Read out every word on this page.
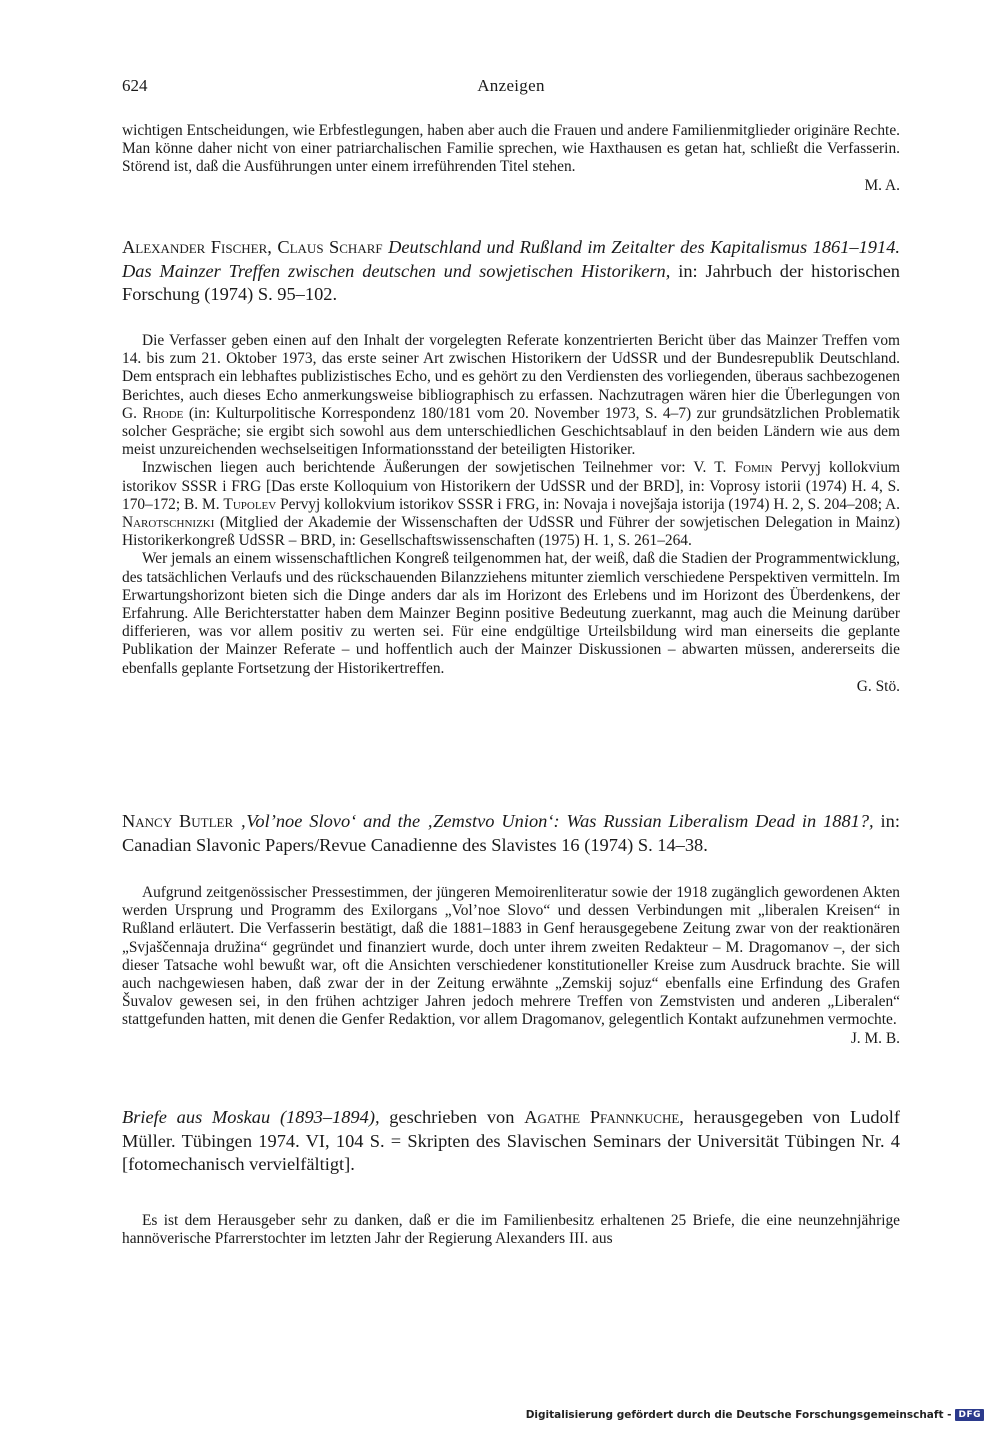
Anzeigen
624

wichtigen Entscheidungen, wie Erbfestlegungen, haben aber auch die Frauen und andere Familienmitglieder originäre Rechte. Man könne daher nicht von einer patriarchalischen Familie sprechen, wie Haxthausen es getan hat, schließt die Verfasserin. Störend ist, daß die Ausführungen unter einem irreführenden Titel stehen.

M. A.

Alexander Fischer, Claus Scharf Deutschland und Rußland im Zeitalter des Kapitalismus 1861–1914. Das Mainzer Treffen zwischen deutschen und sowjetischen Historikern, in: Jahrbuch der historischen Forschung (1974) S. 95–102.

Die Verfasser geben einen auf den Inhalt der vorgelegten Referate konzentrierten Bericht über das Mainzer Treffen vom 14. bis zum 21. Oktober 1973, das erste seiner Art zwischen Historikern der UdSSR und der Bundesrepublik Deutschland. Dem entsprach ein lebhaftes publizistisches Echo, und es gehört zu den Verdiensten des vorliegenden, überaus sachbezogenen Berichtes, auch dieses Echo anmerkungsweise bibliographisch zu erfassen. Nachzutragen wären hier die Überlegungen von G. Rhode (in: Kulturpolitische Korrespondenz 180/181 vom 20. November 1973, S. 4–7) zur grundsätzlichen Problematik solcher Gespräche; sie ergibt sich sowohl aus dem unterschiedlichen Geschichtsablauf in den beiden Ländern wie aus dem meist unzureichenden wechselseitigen Informationsstand der beteiligten Historiker.

Inzwischen liegen auch berichtende Äußerungen der sowjetischen Teilnehmer vor: V. T. Fomin Pervyj kollokvium istorikov SSSR i FRG [Das erste Kolloquium von Historikern der UdSSR und der BRD], in: Voprosy istorii (1974) H. 4, S. 170–172; B. M. Tupolev Pervyj kollokvium istorikov SSSR i FRG, in: Novaja i novejšaja istorija (1974) H. 2, S. 204–208; A. Narotschnizki (Mitglied der Akademie der Wissenschaften der UdSSR und Führer der sowjetischen Delegation in Mainz) Historikerkongreß UdSSR – BRD, in: Gesellschaftswissenschaften (1975) H. 1, S. 261–264.

Wer jemals an einem wissenschaftlichen Kongreß teilgenommen hat, der weiß, daß die Stadien der Programmentwicklung, des tatsächlichen Verlaufs und des rückschauenden Bilanzziehens mitunter ziemlich verschiedene Perspektiven vermitteln. Im Erwartungshorizont bieten sich die Dinge anders dar als im Horizont des Erlebens und im Horizont des Überdenkens, der Erfahrung. Alle Berichterstatter haben dem Mainzer Beginn positive Bedeutung zuerkannt, mag auch die Meinung darüber differieren, was vor allem positiv zu werten sei. Für eine endgültige Urteilsbildung wird man einerseits die geplante Publikation der Mainzer Referate – und hoffentlich auch der Mainzer Diskussionen – abwarten müssen, andererseits die ebenfalls geplante Fortsetzung der Historikertreffen.

G. Stö.

Nancy Butler ‚Vol’noe Slovo‘ and the ‚Zemstvo Union‘: Was Russian Liberalism Dead in 1881?, in: Canadian Slavonic Papers/Revue Canadienne des Slavistes 16 (1974) S. 14–38.

Aufgrund zeitgenössischer Pressestimmen, der jüngeren Memoirenliteratur sowie der 1918 zugänglich gewordenen Akten werden Ursprung und Programm des Exilorgans „Vol’noe Slovo“ und dessen Verbindungen mit „liberalen Kreisen“ in Rußland erläutert. Die Verfasserin bestätigt, daß die 1881–1883 in Genf herausgegebene Zeitung zwar von der reaktionären „Svjaščennaja družina“ gegründet und finanziert wurde, doch unter ihrem zweiten Redakteur – M. Dragomanov –, der sich dieser Tatsache wohl bewußt war, oft die Ansichten verschiedener konstitutioneller Kreise zum Ausdruck brachte. Sie will auch nachgewiesen haben, daß zwar der in der Zeitung erwähnte „Zemskij sojuz“ ebenfalls eine Erfindung des Grafen Šuvalov gewesen sei, in den frühen achtziger Jahren jedoch mehrere Treffen von Zemstvisten und anderen „Liberalen“ stattgefunden hatten, mit denen die Genfer Redaktion, vor allem Dragomanov, gelegentlich Kontakt aufzunehmen vermochte.

J. M. B.

Briefe aus Moskau (1893–1894), geschrieben von Agathe Pfannkuche, herausgegeben von Ludolf Müller. Tübingen 1974. VI, 104 S. = Skripten des Slavischen Seminars der Universität Tübingen Nr. 4 [fotomechanisch vervielfältigt].

Es ist dem Herausgeber sehr zu danken, daß er die im Familienbesitz erhaltenen 25 Briefe, die eine neunzehnjährige hannöverische Pfarrerstochter im letzten Jahr der Regierung Alexanders III. aus

Digitalisierung gefördert durch die Deutsche Forschungsgemeinschaft - DFG
